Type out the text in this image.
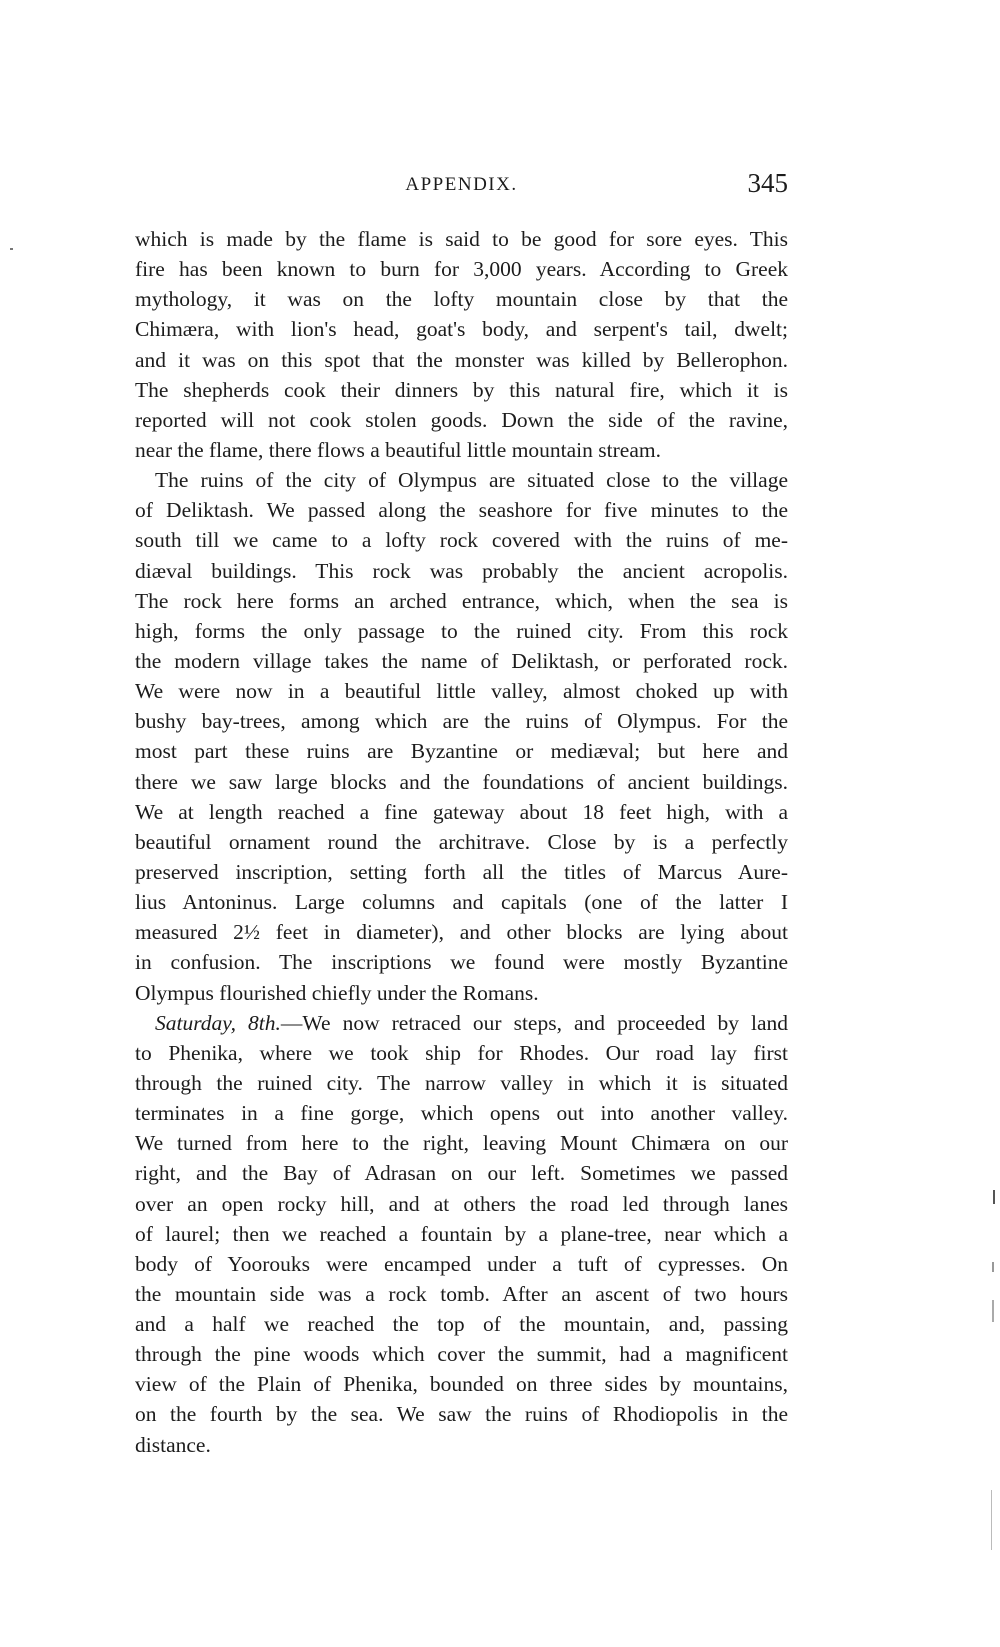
APPENDIX.	345
which is made by the flame is said to be good for sore eyes. This
fire has been known to burn for 3,000 years. According to Greek
mythology, it was on the lofty mountain close by that the
Chimæra, with lion's head, goat's body, and serpent's tail, dwelt;
and it was on this spot that the monster was killed by Bellerophon.
The shepherds cook their dinners by this natural fire, which it is
reported will not cook stolen goods. Down the side of the ravine,
near the flame, there flows a beautiful little mountain stream.
The ruins of the city of Olympus are situated close to the village
of Deliktash. We passed along the seashore for five minutes to the
south till we came to a lofty rock covered with the ruins of me-
diæval buildings. This rock was probably the ancient acropolis.
The rock here forms an arched entrance, which, when the sea is
high, forms the only passage to the ruined city. From this rock
the modern village takes the name of Deliktash, or perforated rock.
We were now in a beautiful little valley, almost choked up with
bushy bay-trees, among which are the ruins of Olympus. For the
most part these ruins are Byzantine or mediæval; but here and
there we saw large blocks and the foundations of ancient buildings.
We at length reached a fine gateway about 18 feet high, with a
beautiful ornament round the architrave. Close by is a perfectly
preserved inscription, setting forth all the titles of Marcus Aure-
lius Antoninus. Large columns and capitals (one of the latter I
measured 2½ feet in diameter), and other blocks are lying about
in confusion. The inscriptions we found were mostly Byzantine
Olympus flourished chiefly under the Romans.
Saturday, 8th.—We now retraced our steps, and proceeded by land
to Phenika, where we took ship for Rhodes. Our road lay first
through the ruined city. The narrow valley in which it is situated
terminates in a fine gorge, which opens out into another valley.
We turned from here to the right, leaving Mount Chimæra on our
right, and the Bay of Adrasan on our left. Sometimes we passed
over an open rocky hill, and at others the road led through lanes
of laurel; then we reached a fountain by a plane-tree, near which a
body of Yoorouks were encamped under a tuft of cypresses. On
the mountain side was a rock tomb. After an ascent of two hours
and a half we reached the top of the mountain, and, passing
through the pine woods which cover the summit, had a magnificent
view of the Plain of Phenika, bounded on three sides by mountains,
on the fourth by the sea. We saw the ruins of Rhodiopolis in the
distance.
